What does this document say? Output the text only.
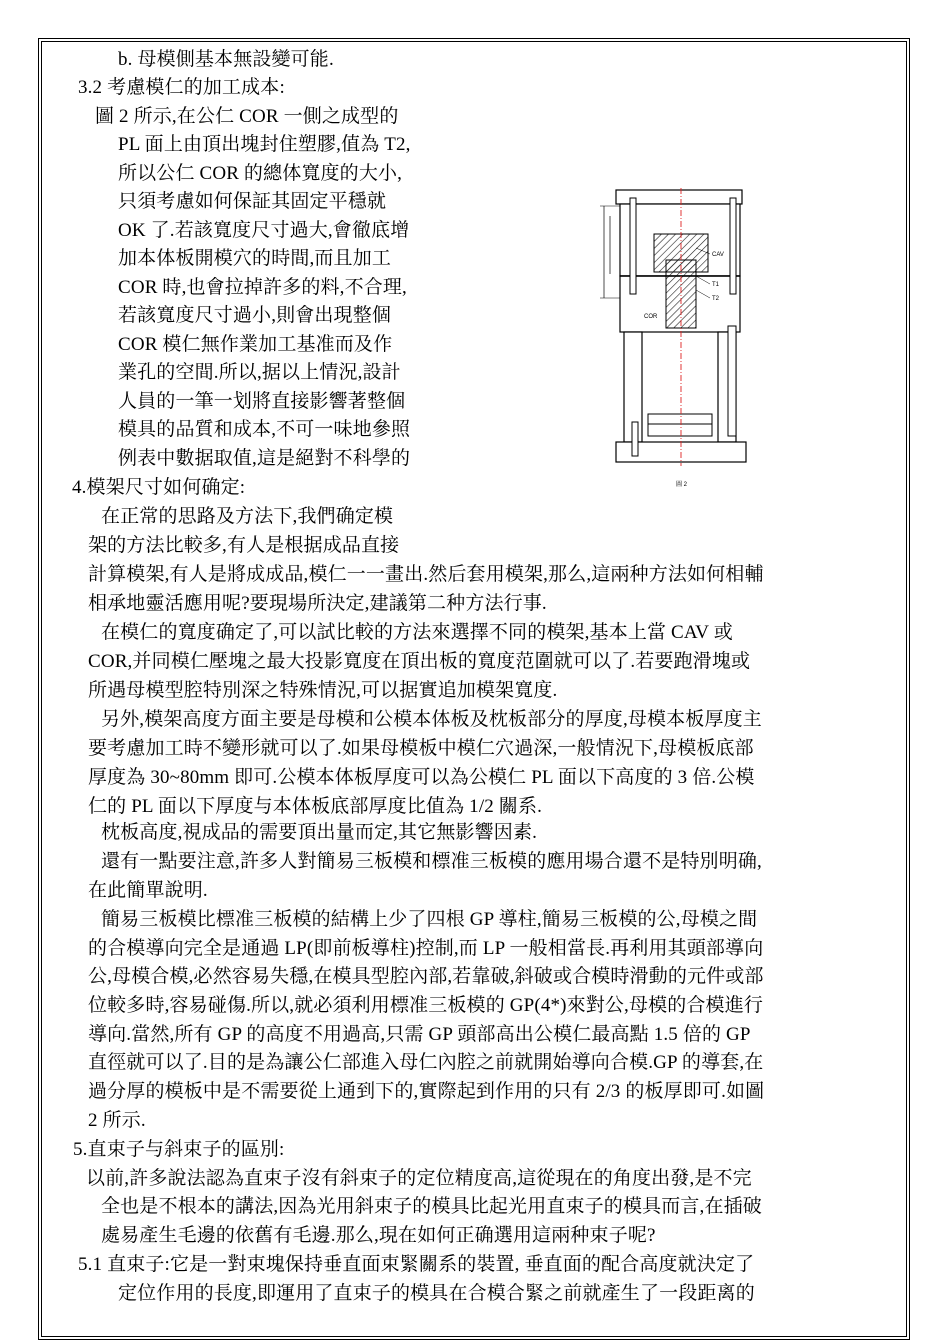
b. 母模側基本無設變可能.
3.2 考慮模仁的加工成本:
圖 2 所示,在公仁 COR 一側之成型的
PL 面上由頂出塊封住塑膠,值為 T2,
所以公仁 COR 的總体寬度的大小,
只須考慮如何保証其固定平穩就
OK 了.若該寬度尺寸過大,會徹底增
加本体板開模穴的時間,而且加工
COR 時,也會拉掉許多的料,不合理,
若該寬度尺寸過小,則會出現整個
COR 模仁無作業加工基准而及作
業孔的空間.所以,据以上情況,設計
人員的一筆一划將直接影響著整個
模具的品質和成本,不可一味地參照
例表中數据取值,這是絕對不科學的
4.模架尺寸如何确定:
在正常的思路及方法下,我們确定模
架的方法比較多,有人是根据成品直接
計算模架,有人是將成成品,模仁一一畫出.然后套用模架,那么,這兩种方法如何相輔
相承地靈活應用呢?要現場所決定,建議第二种方法行事.
在模仁的寬度确定了,可以試比較的方法來選擇不同的模架,基本上當 CAV 或
COR,并同模仁壓塊之最大投影寬度在頂出板的寬度范圍就可以了.若要跑滑塊或
所遇母模型腔特別深之特殊情況,可以据實追加模架寬度.
另外,模架高度方面主要是母模和公模本体板及枕板部分的厚度,母模本板厚度主
要考慮加工時不變形就可以了.如果母模板中模仁穴過深,一般情況下,母模板底部
厚度為 30~80mm 即可.公模本体板厚度可以為公模仁 PL 面以下高度的 3 倍.公模
仁的 PL 面以下厚度与本体板底部厚度比值為 1/2 關系.
枕板高度,視成品的需要頂出量而定,其它無影響因素.
還有一點要注意,許多人對簡易三板模和標准三板模的應用場合還不是特別明确,
在此簡單說明.
簡易三板模比標准三板模的結構上少了四根 GP 導柱,簡易三板模的公,母模之間
的合模導向完全是通過 LP(即前板導柱)控制,而 LP 一般相當長.再利用其頭部導向
公,母模合模,必然容易失穩,在模具型腔內部,若靠破,斜破或合模時滑動的元件或部
位較多時,容易碰傷.所以,就必須利用標准三板模的 GP(4*)來對公,母模的合模進行
導向.當然,所有 GP 的高度不用過高,只需 GP 頭部高出公模仁最高點 1.5 倍的 GP
直徑就可以了.目的是為讓公仁部進入母仁內腔之前就開始導向合模.GP 的導套,在
過分厚的模板中是不需要從上通到下的,實際起到作用的只有 2/3 的板厚即可.如圖
2 所示.
5.直束子与斜束子的區別:
以前,許多說法認為直束子沒有斜束子的定位精度高,這從現在的角度出發,是不完
全也是不根本的講法,因為光用斜束子的模具比起光用直束子的模具而言,在插破
處易產生毛邊的依舊有毛邊.那么,現在如何正确選用這兩种束子呢?
5.1 直束子:它是一對束塊保持垂直面束緊關系的裝置, 垂直面的配合高度就決定了
定位作用的長度,即運用了直束子的模具在合模合緊之前就產生了一段距离的
CAV
T1
T2
COR
圖 2
